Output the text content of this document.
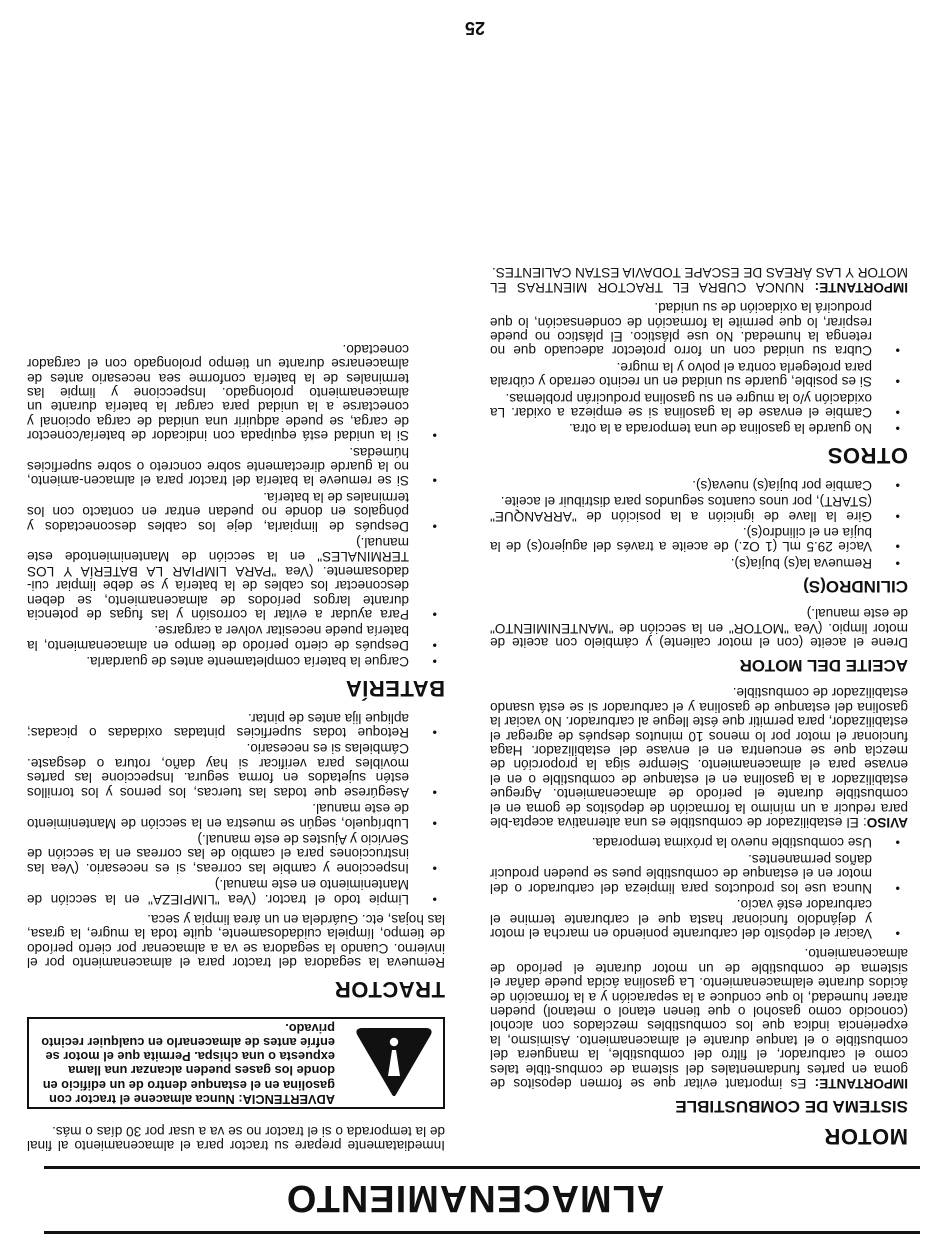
ALMACENAMIENTO
MOTOR
SISTEMA DE COMBUSTIBLE

IMPORTANTE: Es important evitar que se formen depositos de goma en partes fundamentales del sistema de combus-tible tales como el carburador, el filtro del combustible, la manguera del combustible o el tanque durante el almacenamiento. Asimismo, la experiencia indica que los combustibles mezclados con alcohol (conocido como gasohol o que tienen etanol o metanol) pueden atraer humedad, lo que conduce a la separación y a la formación de ácidos durante elalmacenamiento. La gasolina ácida puede dañar el sistema de combustible de un motor durante el período de almacenamiento.

• Vaciar el depósito del carburante poniendo en marcha el motor y dejándolo funcionar hasta que el carburante termine el carburador esté vacío.
• Nunca use los productos para limpieza del carburador o del motor en el estanque de combustible pues se pueden producir daños permanentes.
• Use combustible nuevo la próxima temporada.

AVISO: El estabilizador de combustible es una alternativa acepta-ble para reducir a un mínimo la formación de depósitos de goma en el combustible durante el período de almacenamiento. Agregue estabilizador a la gasolina en el estanque de combustible o en el envase para el almacenamiento. Siempre siga la proporción de mezcla que se encuentra en el envase del estabilizador. Haga funcionar el motor por lo menos 10 minutos después de agregar el estabilizador, para permitir que éste llegue al carburador. No vaciar la gasolina del estanque de gasolina y el carburador si se está usando estabilizador de combustible.

ACEITE DEL MOTOR

Drene el aceite (con el motor caliente) y cámbielo con aceite de motor limpio. (Vea "MOTOR" en la sección de "MANTENIMIENTO" de este manual.)

CILINDRO(S)
• Remueva la(s) bujía(s).
• Vacíe 29.5 mL (1 Oz.) de aceite a través del agujero(s) de la bujía en el cilindro(s).
• Gire la llave de ignición a la posición de "ARRANQUE" (START), por unos cuantos segundos para distribuir el aceite.
• Cambie por bujía(s) nueva(s).
OTROS
• No guarde la gasolina de una temporada a la otra.
• Cambie el envase de la gasolina si se empieza a oxidar. La oxidación y/o la mugre en su gasolina producirán problemas.
• Si es posible, guarde su unidad en un recinto cerrado y cúbrala para protegerla contra el polvo y la mugre.
• Cubra su unidad con un forro protector adecuado que no retenga la humedad. No use plástico. El plástico no puede respirar, lo que permite la formación de condensación, lo que producirá la oxidación de su unidad.

IMPORTANTE: NUNCA CUBRA EL TRACTOR MIENTRAS EL MOTOR Y LAS ÁREAS DE ESCAPE TODAVIA ESTAN CALIENTES.

Inmediatamente prepare su tractor para el almacenamiento al final de la temporada o si el tractor no se va a usar por 30 días o más.

ADVERTENCIA: Nunca almacene el tractor con gasolina en el estanque dentro de un edificio en donde los gases pueden alcanzar una llama expuesta o una chispa. Permita que el motor se enfríe antes de almacenarlo en cualquier recinto privado.
TRACTOR

Remueva la segadora del tractor para el almacenamiento por el invierno. Cuando la segadora se va a almacenar por cierto período de tiempo, límpiela cuidadosamente, quite toda la mugre, la grasa, las hojas, etc. Guárdela en un área limpia y seca.

• Limpie todo el tractor. (Vea "LIMPIEZA" en la sección de Mantenimiento en este manual.)
• Inspeccione y cambie las correas, si es necesario. (Vea las instrucciones para el cambio de las correas en la sección de Servicio y Ajustes de este manual.)
• Lubríquelo, según se muestra en la sección de Mantenimiento de este manual.
• Asegúrese que todas las tuercas, los pernos y los tornillos estén sujetados en forma segura. Inspeccione las partes movibles para verificar si hay daño, rotura o desgaste. Cámbielas si es necesario.
• Retoque todas superficies pintadas oxidadas o picadas; aplique lija antes de pintar.
BATERÍA
• Cargue la batería completamente antes de guardarla.
• Después de cierto período de tiempo en almacenamiento, la batería puede necesitar volver a cargarse.
• Para ayudar a evitar la corrosión y las fugas de potencia durante largos períodos de almacenamiento, se deben desconectar los cables de la batería y se debe limpiar cui-dadosamente. (Vea "PARA LIMPIAR LA BATERÍA Y LOS TERMINALES" en la sección de Mantenimientode este manual.)
• Después de limpiarla, deje los cables desconectados y póngalos en donde no puedan entrar en contacto con los terminales de la batería.
• Si se remueve la batería del tractor para el almacen-amiento, no la guarde directamente sobre concreto o sobre superficies húmedas.
• Si la unidad está equipada con indicador de batería/conector de carga, se puede adquirir una unidad de carga opcional y conectarse a la unidad para cargar la batería durante un almacenamiento prolongado. Inspeccione y limpie las terminales de la batería conforme sea necesario antes de almacenarse durante un tiempo prolongado con el cargador conectado.
25
